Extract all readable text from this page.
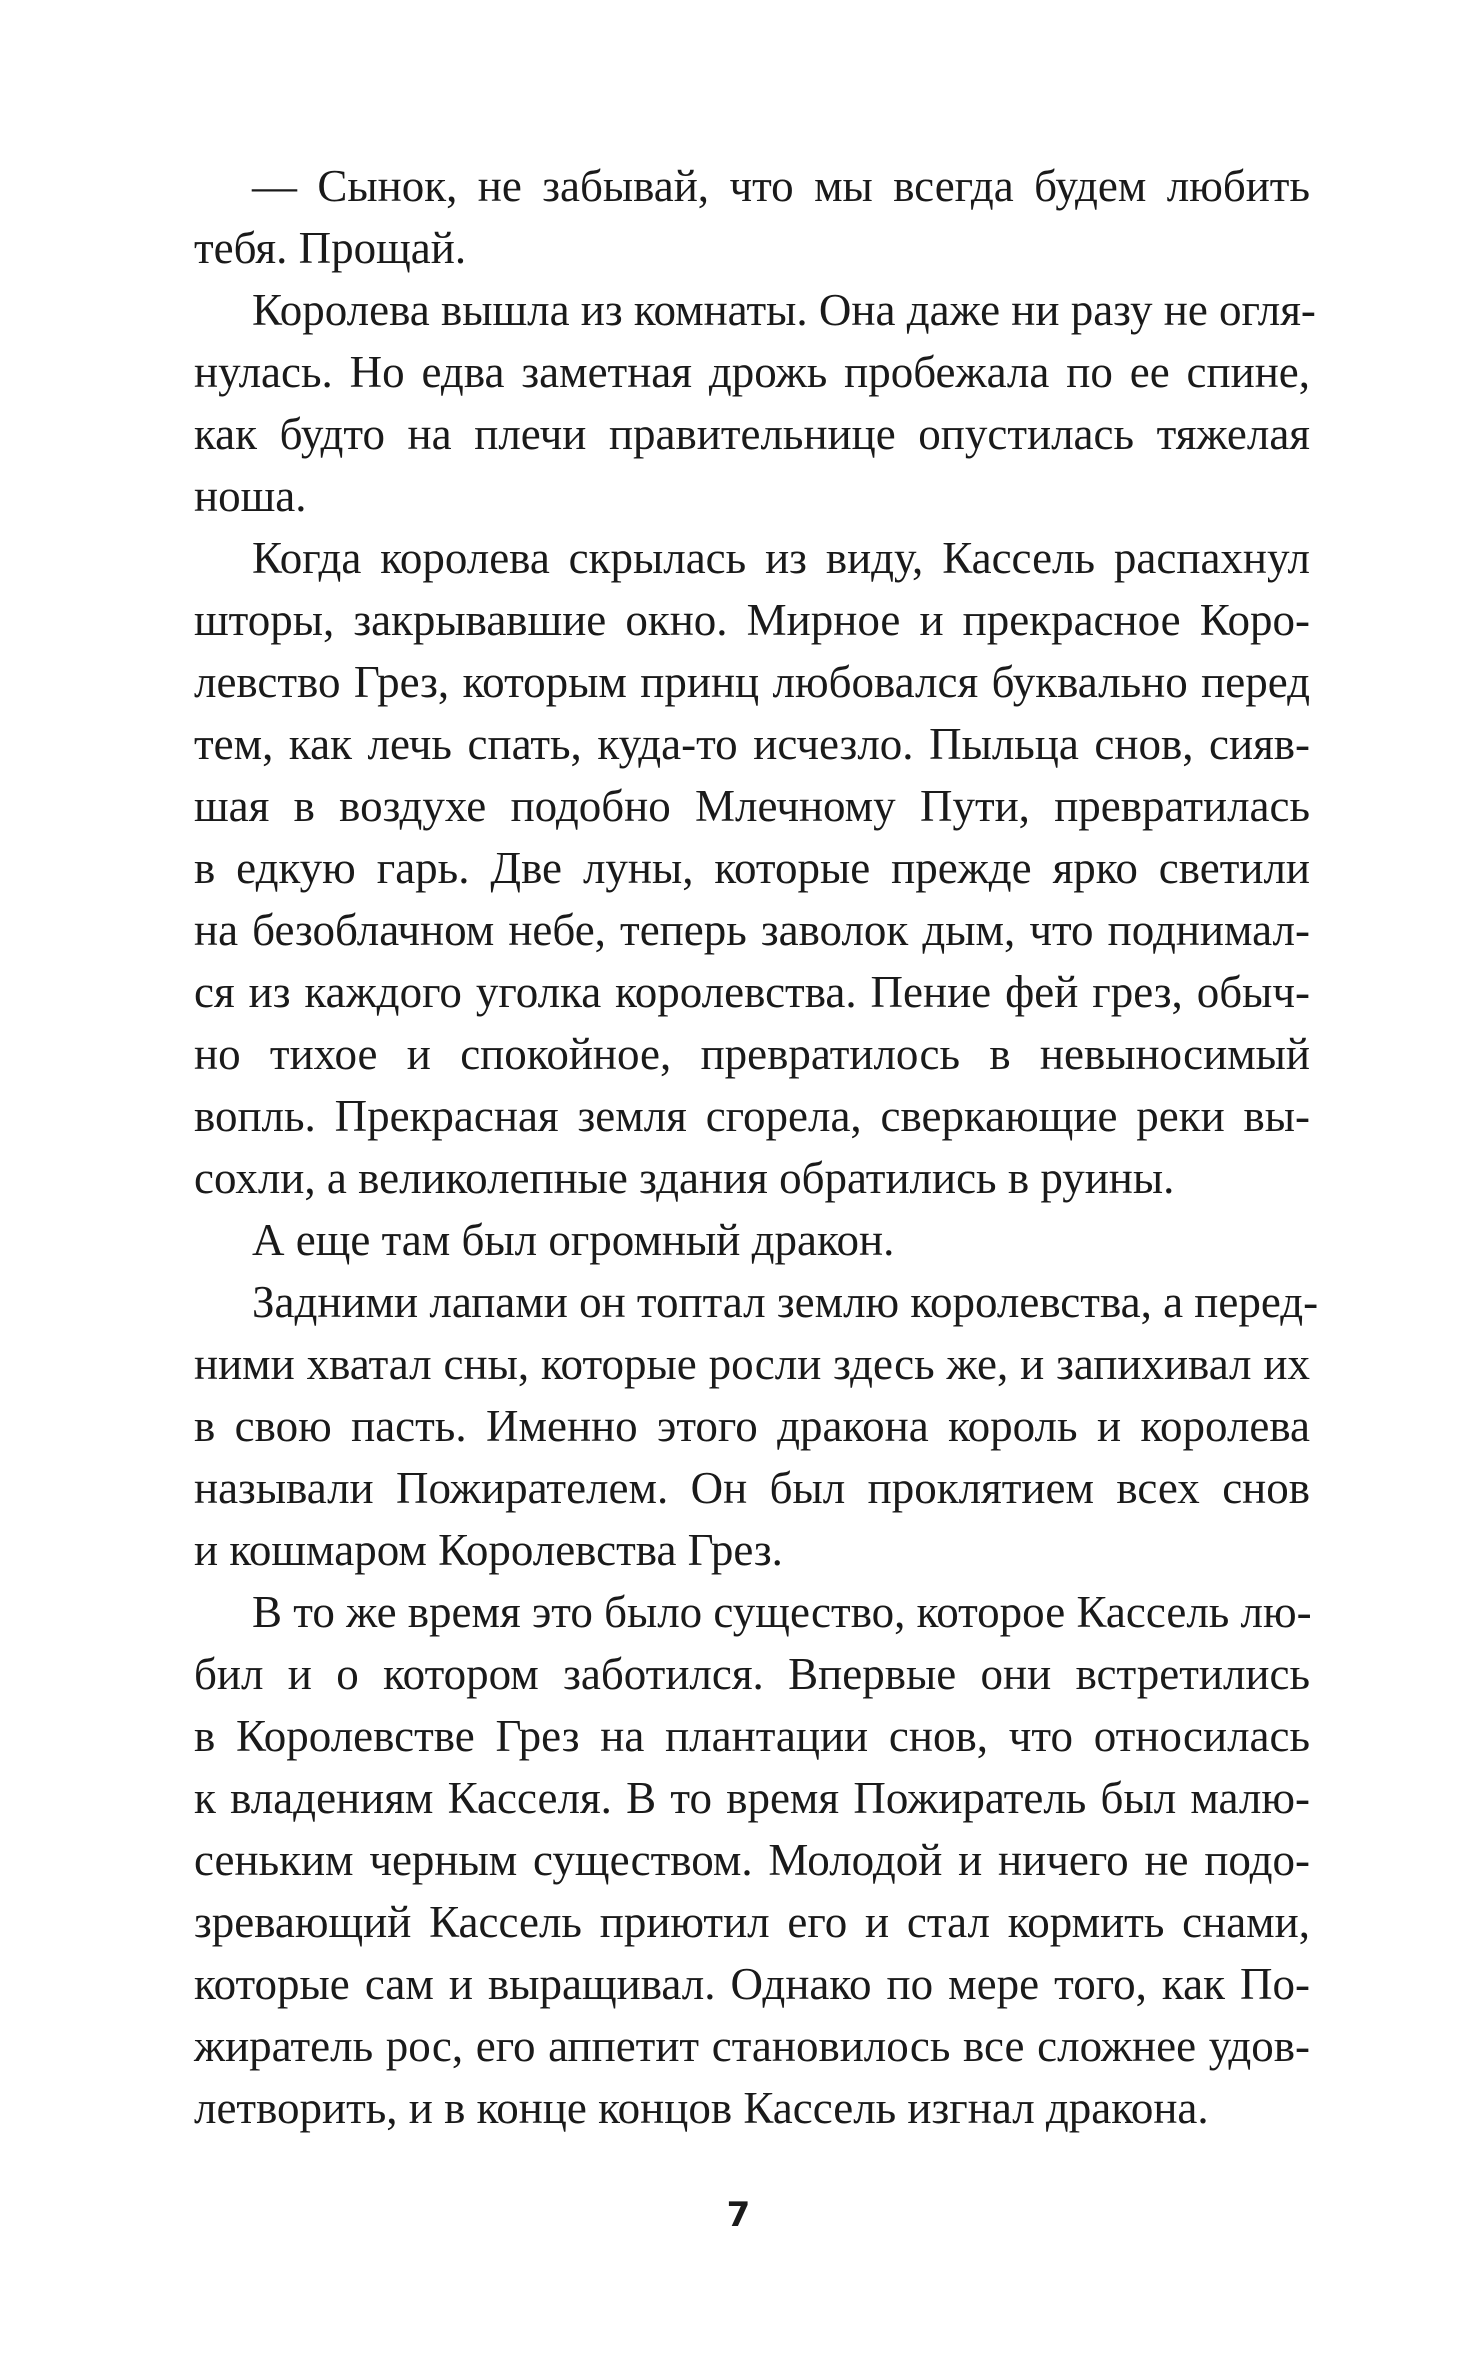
— Сынок, не забывай, что мы всегда будем любить
тебя. Прощай.
Королева вышла из комнаты. Она даже ни разу не огля-
нулась. Но едва заметная дрожь пробежала по ее спине,
как будто на плечи правительнице опустилась тяжелая
ноша.
Когда королева скрылась из виду, Кассель распахнул
шторы, закрывавшие окно. Мирное и прекрасное Коро-
левство Грез, которым принц любовался буквально перед
тем, как лечь спать, куда-то исчезло. Пыльца снов, сияв-
шая в воздухе подобно Млечному Пути, превратилась
в едкую гарь. Две луны, которые прежде ярко светили
на безоблачном небе, теперь заволок дым, что поднимал-
ся из каждого уголка королевства. Пение фей грез, обыч-
но тихое и спокойное, превратилось в невыносимый
вопль. Прекрасная земля сгорела, сверкающие реки вы-
сохли, а великолепные здания обратились в руины.
А еще там был огромный дракон.
Задними лапами он топтал землю королевства, а перед-
ними хватал сны, которые росли здесь же, и запихивал их
в свою пасть. Именно этого дракона король и королева
называли Пожирателем. Он был проклятием всех снов
и кошмаром Королевства Грез.
В то же время это было существо, которое Кассель лю-
бил и о котором заботился. Впервые они встретились
в Королевстве Грез на плантации снов, что относилась
к владениям Касселя. В то время Пожиратель был малю-
сеньким черным существом. Молодой и ничего не подо-
зревающий Кассель приютил его и стал кормить снами,
которые сам и выращивал. Однако по мере того, как По-
жиратель рос, его аппетит становилось все сложнее удов-
летворить, и в конце концов Кассель изгнал дракона.
7
